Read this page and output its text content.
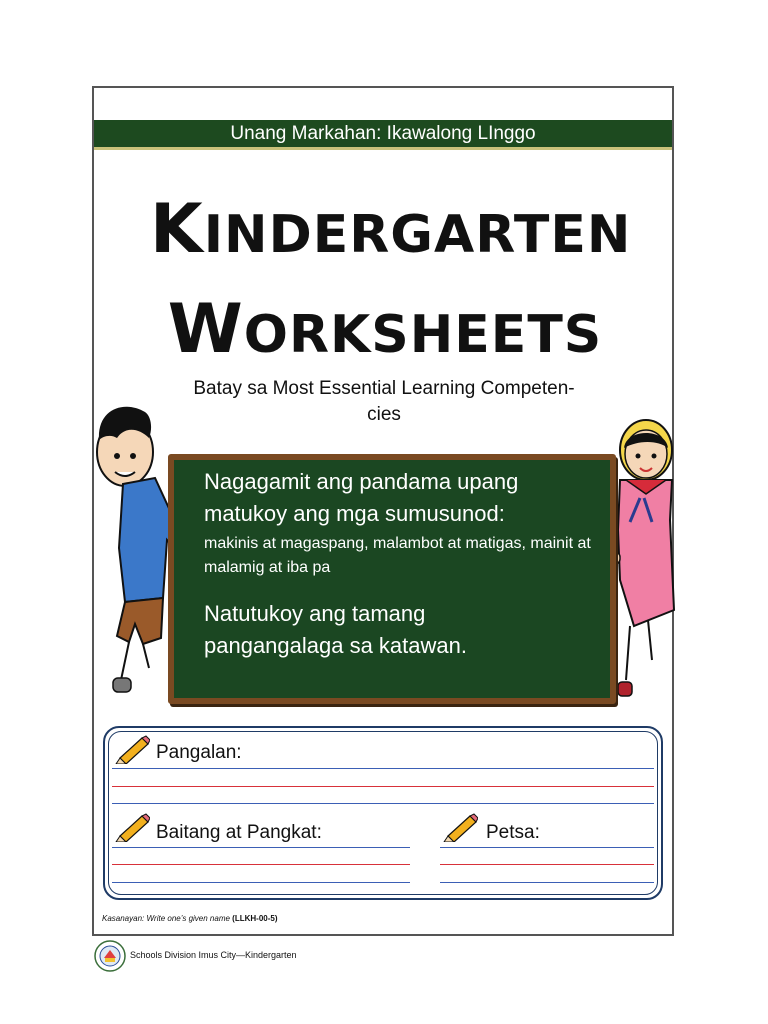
Unang Markahan: Ikawalong LInggo
KINDERGARTEN
WORKSHEETS
Batay sa Most Essential Learning Competen-
cies
Nagagamit ang pandama upang matukoy ang mga sumusunod:
makinis at magaspang, malambot at matigas, mainit at malamig at iba pa
Natutukoy ang tamang pangangalaga sa katawan.
Pangalan:
Baitang at Pangkat:	Petsa:
Kasanayan: Write one’s given name (LLKH-00-5)
Schools Division Imus City—Kindergarten
